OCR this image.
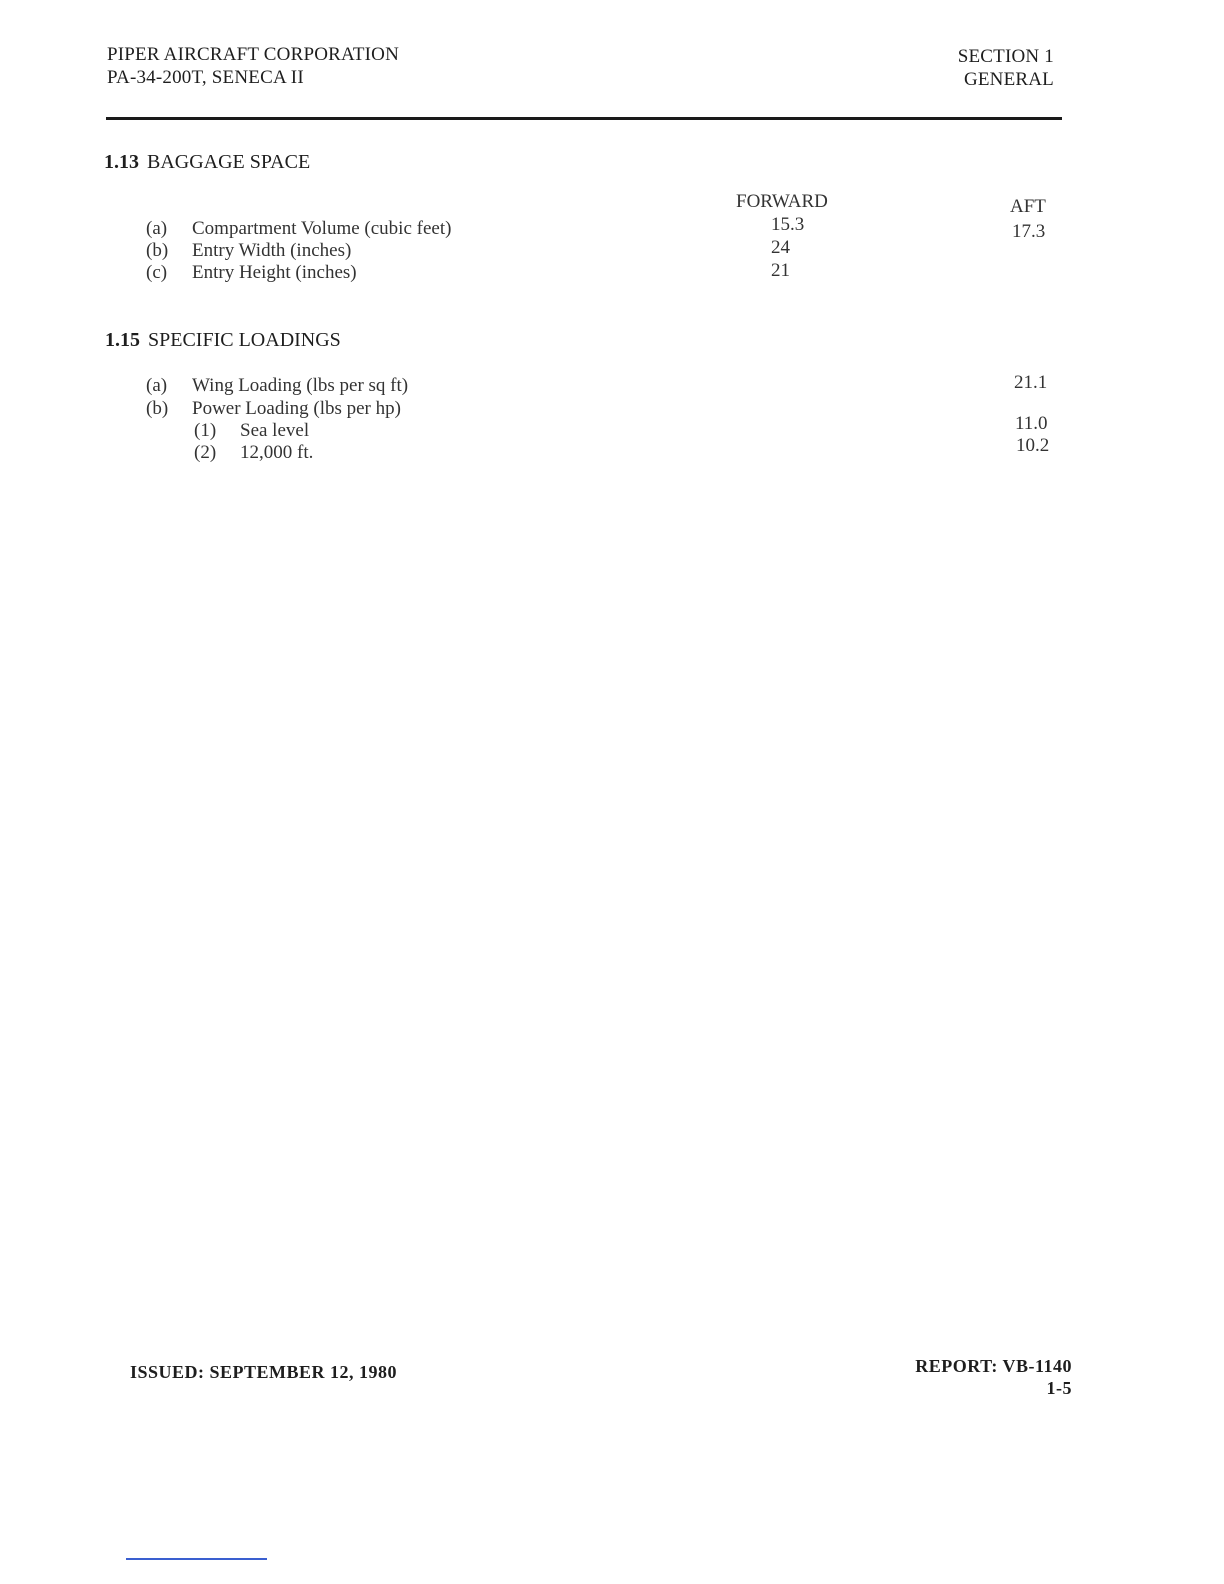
PIPER AIRCRAFT CORPORATION
PA-34-200T, SENECA II
SECTION 1
GENERAL
1.13 BAGGAGE SPACE
FORWARD	AFT
(a) Compartment Volume (cubic feet)	15.3	17.3
(b) Entry Width (inches)	24
(c) Entry Height (inches)	21
1.15 SPECIFIC LOADINGS
(a) Wing Loading (lbs per sq ft)	21.1
(b) Power Loading (lbs per hp)
(1) Sea level	11.0
(2) 12,000 ft.	10.2
ISSUED: SEPTEMBER 12, 1980	REPORT: VB-1140
1-5
